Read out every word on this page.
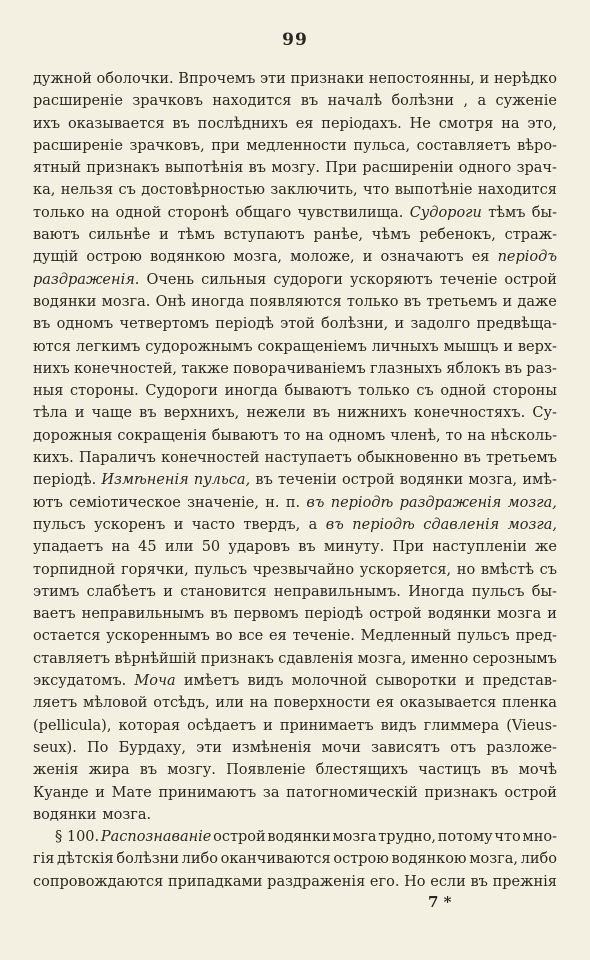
99
дужной оболочки. Впрочемъ эти признаки непостоянны, и нерѣдко
расширеніе зрачковъ находится въ началѣ болѣзни , а суженіе
ихъ оказывается въ послѣднихъ ея періодахъ. Не смотря на это,
расширеніе зрачковъ, при медленности пульса, составляетъ вѣро-
ятный признакъ выпотѣнія въ мозгу. При расширеніи одного зрач-
ка, нельзя съ достовѣрностью заключить, что выпотѣніе находится
только на одной сторонѣ общаго чувствилища. Судороги тѣмъ бы-
ваютъ сильнѣе и тѣмъ вступаютъ ранѣе, чѣмъ ребенокъ, страж-
дущій острою водянкою мозга, моложе, и означаютъ ея періодъ
раздраженія. Очень сильныя судороги ускоряютъ теченіе острой
водянки мозга. Онѣ иногда появляются только въ третьемъ и даже
въ одномъ четвертомъ періодѣ этой болѣзни, и задолго предвѣща-
ются легкимъ судорожнымъ сокращеніемъ личныхъ мышцъ и верх-
нихъ конечностей, также поворачиваніемъ глазныхъ яблокъ въ раз-
ныя стороны. Судороги иногда бываютъ только съ одной стороны
тѣла и чаще въ верхнихъ, нежели въ нижнихъ конечностяхъ. Су-
дорожныя сокращенія бываютъ то на одномъ членѣ, то на нѣсколь-
кихъ. Параличъ конечностей наступаетъ обыкновенно въ третьемъ
періодѣ. Измѣненія пульса, въ теченіи острой водянки мозга, имѣ-
ютъ семіотическое значеніе, н. п. въ періодѣ раздраженія мозга,
пульсъ ускоренъ и часто твердъ, а въ періодѣ сдавленія мозга,
упадаетъ на 45 или 50 ударовъ въ минуту. При наступленіи же
торпидной горячки, пульсъ чрезвычайно ускоряется, но вмѣстѣ съ
этимъ слабѣетъ и становится неправильнымъ. Иногда пульсъ бы-
ваетъ неправильнымъ въ первомъ періодѣ острой водянки мозга и
остается ускореннымъ во все ея теченіе. Медленный пульсъ пред-
ставляетъ вѣрнѣйшій признакъ сдавленія мозга, именно серознымъ
эксудатомъ. Моча имѣетъ видъ молочной сыворотки и представ-
ляетъ мѣловой отсѣдъ, или на поверхности ея оказывается пленка
(pellicula), которая осѣдаетъ и принимаетъ видъ глиммера (Vieus-
seux). По Бурдаху, эти измѣненія мочи зависятъ отъ разложе-
женія жира въ мозгу. Появленіе блестящихъ частицъ въ мочѣ
Куанде и Мате принимаютъ за патогномическій признакъ острой
водянки мозга.
§ 100. Распознаваніе острой водянки мозга трудно, потому что мно-
гія дѣтскія болѣзни либо оканчиваются острою водянкою мозга, либо
сопровождаются припадками раздраженія его. Но если въ прежнія
7 *
